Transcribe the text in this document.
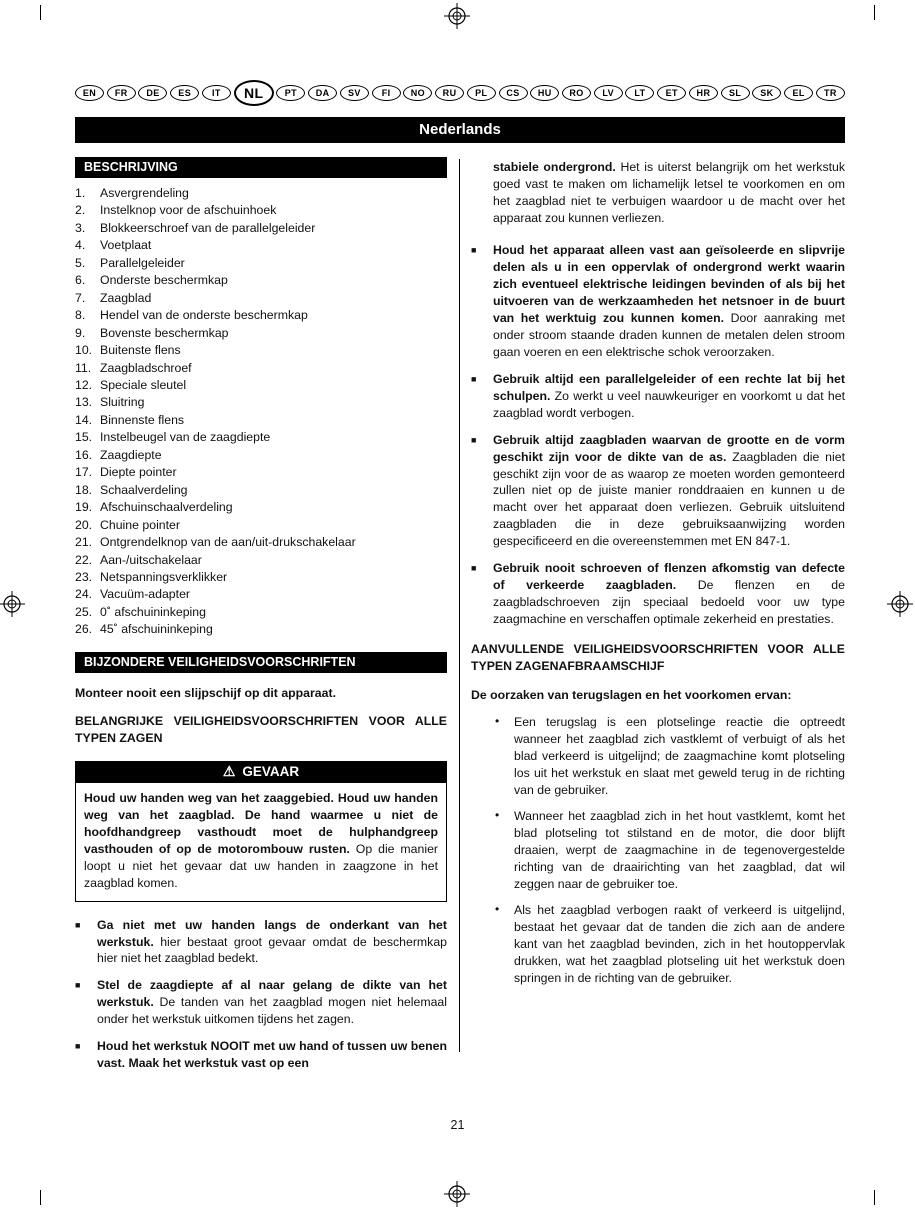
EN	FR	DE	ES	IT	NL	PT	DA	SV	FI	NO	RU	PL	CS	HU	RO	LV	LT	ET	HR	SL	SK	EL	TR
Nederlands
BESCHRIJVING
1.	Asvergrendeling
2.	Instelknop voor de afschuinhoek
3.	Blokkeerschroef van de parallelgeleider
4.	Voetplaat
5.	Parallelgeleider
6.	Onderste beschermkap
7.	Zaagblad
8.	Hendel van de onderste beschermkap
9.	Bovenste beschermkap
10. Buitenste flens
11. Zaagbladschroef
12. Speciale sleutel
13. Sluitring
14. Binnenste flens
15. Instelbeugel van de zaagdiepte
16. Zaagdiepte
17. Diepte pointer
18. Schaalverdeling
19. Afschuinschaalverdeling
20. Chuine pointer
21. Ontgrendelknop van de aan/uit-drukschakelaar
22. Aan-/uitschakelaar
23. Netspanningsverklikker
24. Vacuüm-adapter
25. 0˚ afschuininkeping
26. 45˚ afschuininkeping
BIJZONDERE VEILIGHEIDSVOORSCHRIFTEN

Monteer nooit een slijpschijf op dit apparaat.

BELANGRIJKE VEILIGHEIDSVOORSCHRIFTEN VOOR ALLE TYPEN ZAGEN

⚠ GEVAAR

Houd uw handen weg van het zaaggebied. Houd uw handen weg van het zaagblad. De hand waarmee u niet de hoofdhandgreep vasthoudt moet de hulphandgreep vasthouden of op de motorombouw rusten. Op die manier loopt u niet het gevaar dat uw handen in zaagzone in het zaagblad komen.

■	Ga niet met uw handen langs de onderkant van het werkstuk. hier bestaat groot gevaar omdat de beschermkap hier niet het zaagblad bedekt.

■	Stel de zaagdiepte af al naar gelang de dikte van het werkstuk. De tanden van het zaagblad mogen niet helemaal onder het werkstuk uitkomen tijdens het zagen.

■	Houd het werkstuk NOOIT met uw hand of tussen uw benen vast. Maak het werkstuk vast op een

stabiele ondergrond. Het is uiterst belangrijk om het werkstuk goed vast te maken om lichamelijk letsel te voorkomen en om het zaagblad niet te verbuigen waardoor u de macht over het apparaat zou kunnen verliezen.

■	Houd het apparaat alleen vast aan geïsoleerde en slipvrije delen als u in een oppervlak of ondergrond werkt waarin zich eventueel elektrische leidingen bevinden of als bij het uitvoeren van de werkzaamheden het netsnoer in de buurt van het werktuig zou kunnen komen. Door aanraking met onder stroom staande draden kunnen de metalen delen stroom gaan voeren en een elektrische schok veroorzaken.

■	Gebruik altijd een parallelgeleider of een rechte lat bij het schulpen. Zo werkt u veel nauwkeuriger en voorkomt u dat het zaagblad wordt verbogen.

■	Gebruik altijd zaagbladen waarvan de grootte en de vorm geschikt zijn voor de dikte van de as. Zaagbladen die niet geschikt zijn voor de as waarop ze moeten worden gemonteerd zullen niet op de juiste manier ronddraaien en kunnen u de macht over het apparaat doen verliezen. Gebruik uitsluitend zaagbladen die in deze gebruiksaanwijzing worden gespecificeerd en die overeenstemmen met EN 847-1.

■	Gebruik nooit schroeven of flenzen afkomstig van defecte of verkeerde zaagbladen. De flenzen en de zaagbladschroeven zijn speciaal bedoeld voor uw type zaagmachine en verschaffen optimale zekerheid en prestaties.

AANVULLENDE VEILIGHEIDSVOORSCHRIFTEN VOOR ALLE TYPEN ZAGENAFBRAAMSCHIJF

De oorzaken van terugslagen en het voorkomen ervan:

•	Een terugslag is een plotselinge reactie die optreedt wanneer het zaagblad zich vastklemt of verbuigt of als het blad verkeerd is uitgelijnd; de zaagmachine komt plotseling los uit het werkstuk en slaat met geweld terug in de richting van de gebruiker.

•	Wanneer het zaagblad zich in het hout vastklemt, komt het blad plotseling tot stilstand en de motor, die door blijft draaien, werpt de zaagmachine in de tegenovergestelde richting van de draairichting van het zaagblad, dat wil zeggen naar de gebruiker toe.

•	Als het zaagblad verbogen raakt of verkeerd is uitgelijnd, bestaat het gevaar dat de tanden die zich aan de andere kant van het zaagblad bevinden, zich in het houtoppervlak drukken, wat het zaagblad plotseling uit het werkstuk doen springen in de richting van de gebruiker.

21
